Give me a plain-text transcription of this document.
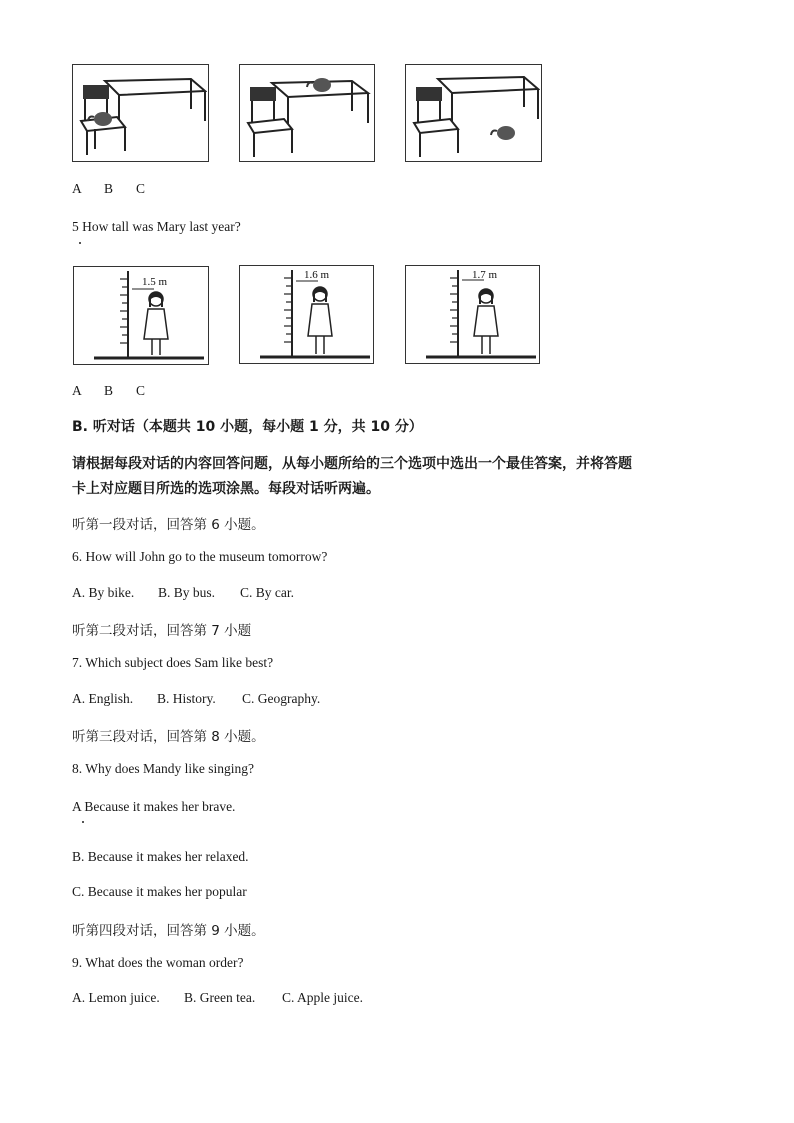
A B C
5 How tall was Mary last year?
1.5 m
1.6 m	1.7 m
A B C
B. 听对话（本题共 10 小题，每小题 1 分，共 10 分）
请根据每段对话的内容回答问题，从每小题所给的三个选项中选出一个最佳答案，并将答题
卡上对应题目所选的选项涂黑。每段对话听两遍。
听第一段对话，回答第 6 小题。
6. How will John go to the museum tomorrow?
A. By bike. B. By bus. C. By car.
听第二段对话，回答第 7 小题
7. Which subject does Sam like best?
A. English. B. History. C. Geography.
听第三段对话，回答第 8 小题。
8. Why does Mandy like singing?
A Because it makes her brave.
B. Because it makes her relaxed.
C. Because it makes her popular
听第四段对话，回答第 9 小题。
9. What does the woman order?
A. Lemon juice. B. Green tea. C. Apple juice.
